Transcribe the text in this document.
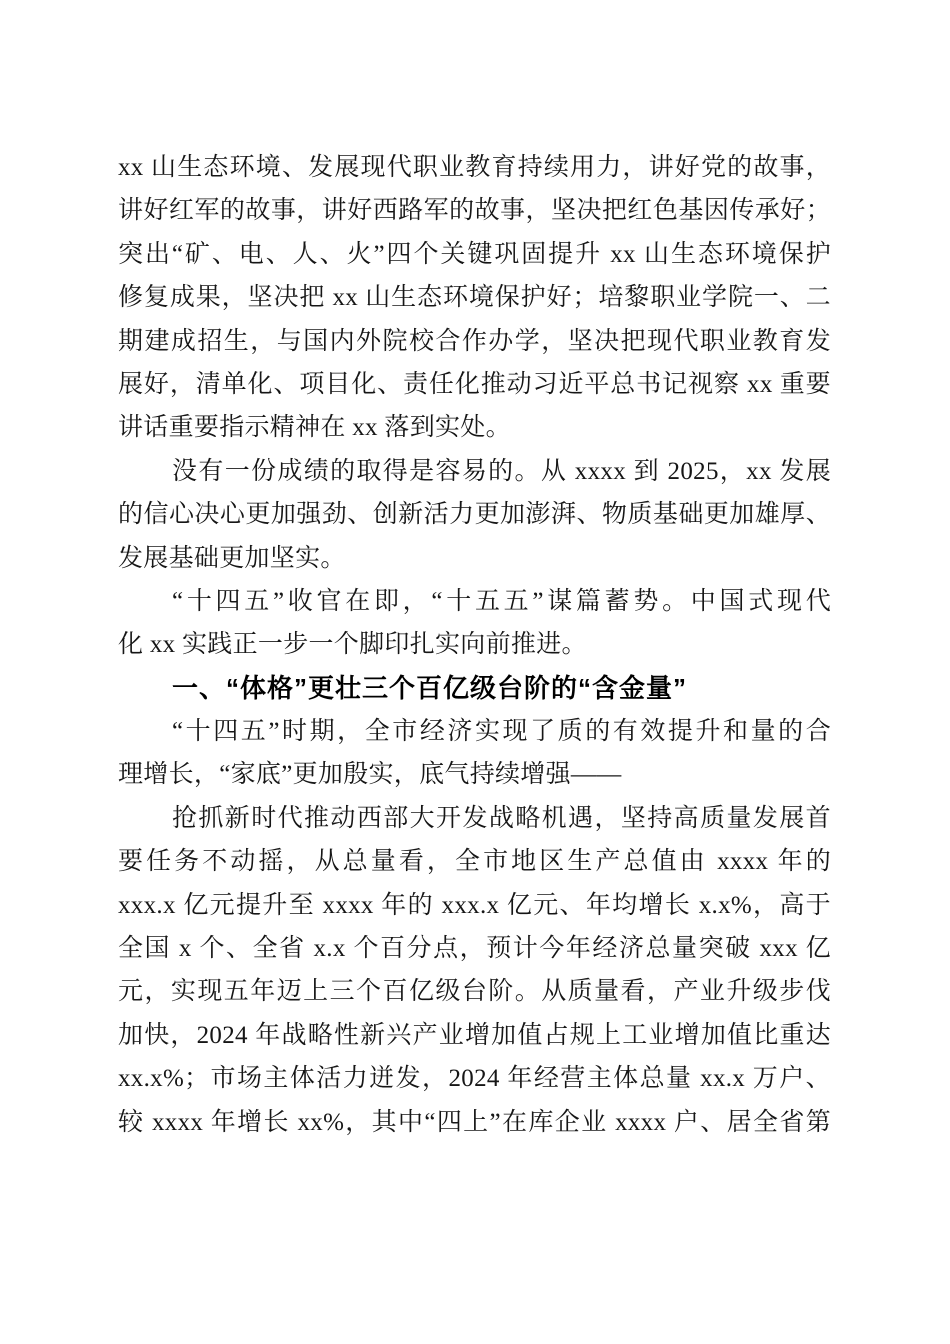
xx 山生态环境、发展现代职业教育持续用力，讲好党的故事，
讲好红军的故事，讲好西路军的故事，坚决把红色基因传承好；
突出“矿、电、人、火”四个关键巩固提升 xx 山生态环境保护
修复成果，坚决把 xx 山生态环境保护好；培黎职业学院一、二
期建成招生，与国内外院校合作办学，坚决把现代职业教育发
展好，清单化、项目化、责任化推动习近平总书记视察 xx 重要
讲话重要指示精神在 xx 落到实处。
没有一份成绩的取得是容易的。从 xxxx 到 2025，xx 发展
的信心决心更加强劲、创新活力更加澎湃、物质基础更加雄厚、
发展基础更加坚实。
“十四五”收官在即，“十五五”谋篇蓄势。中国式现代
化 xx 实践正一步一个脚印扎实向前推进。
一、“体格”更壮三个百亿级台阶的“含金量”
“十四五”时期，全市经济实现了质的有效提升和量的合
理增长，“家底”更加殷实，底气持续增强——
抢抓新时代推动西部大开发战略机遇，坚持高质量发展首
要任务不动摇，从总量看，全市地区生产总值由 xxxx 年的
xxx.x 亿元提升至 xxxx 年的 xxx.x 亿元、年均增长 x.x%，高于
全国 x 个、全省 x.x 个百分点，预计今年经济总量突破 xxx 亿
元，实现五年迈上三个百亿级台阶。从质量看，产业升级步伐
加快，2024 年战略性新兴产业增加值占规上工业增加值比重达
xx.x%；市场主体活力迸发，2024 年经营主体总量 xx.x 万户、
较 xxxx 年增长 xx%，其中“四上”在库企业 xxxx 户、居全省第
